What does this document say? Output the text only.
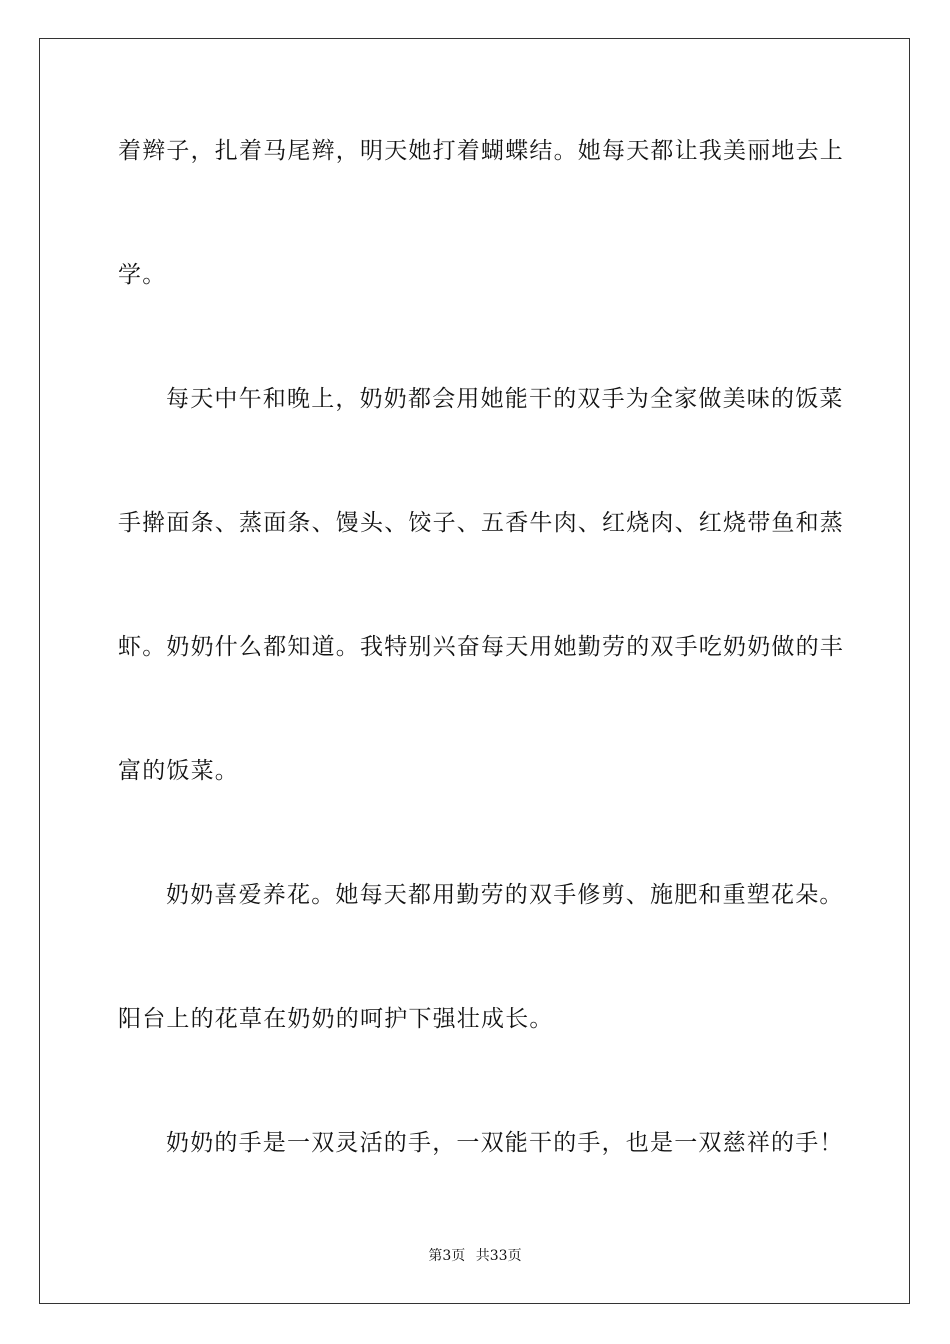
着辫子，扎着马尾辫，明天她打着蝴蝶结。她每天都让我美丽地去上
学。
每天中午和晚上，奶奶都会用她能干的双手为全家做美味的饭菜
手擀面条、蒸面条、馒头、饺子、五香牛肉、红烧肉、红烧带鱼和蒸
虾。奶奶什么都知道。我特别兴奋每天用她勤劳的双手吃奶奶做的丰
富的饭菜。
奶奶喜爱养花。她每天都用勤劳的双手修剪、施肥和重塑花朵。
阳台上的花草在奶奶的呵护下强壮成长。
奶奶的手是一双灵活的手，一双能干的手，也是一双慈祥的手！
第3页 共33页
